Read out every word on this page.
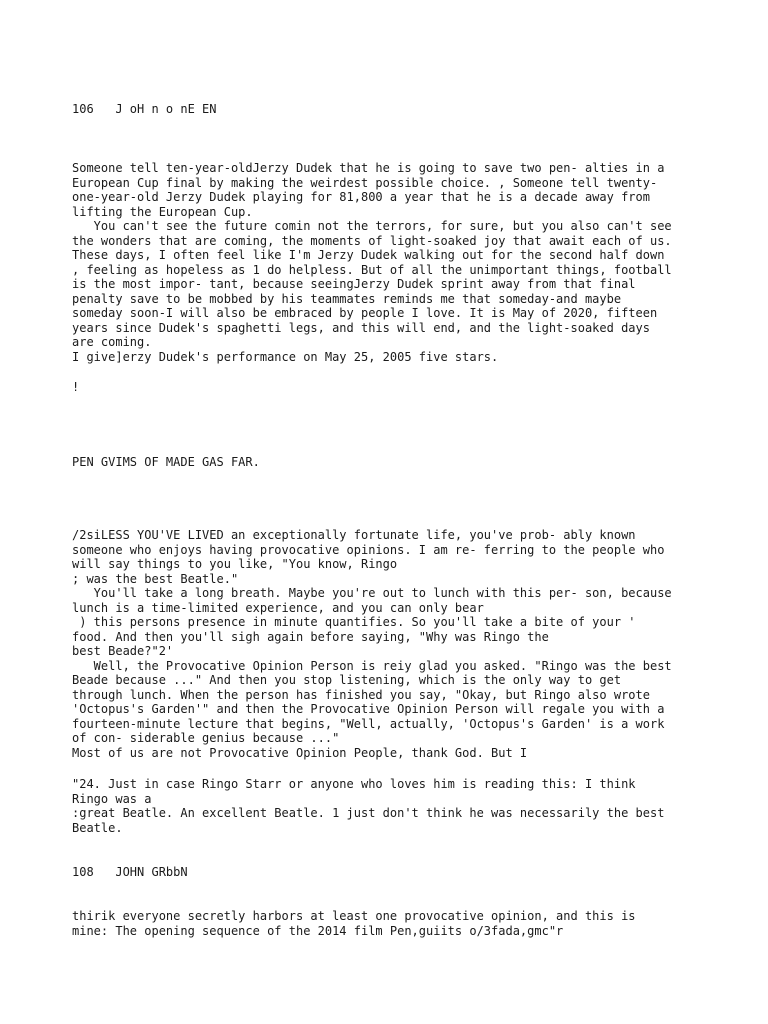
106   J oH n o nE EN
Someone tell ten-year-oldJerzy Dudek that he is going to save two pen- alties in a
European Cup final by making the weirdest possible choice. , Someone tell twenty-
one-year-old Jerzy Dudek playing for 81,800 a year that he is a decade away from
lifting the European Cup.
You can't see the future comin not the terrors, for sure, but you also can't see
the wonders that are coming, the moments of light-soaked joy that await each of us.
These days, I often feel like I'm Jerzy Dudek walking out for the second half down
, feeling as hopeless as 1 do helpless. But of all the unimportant things, football
is the most impor- tant, because seeingJerzy Dudek sprint away from that final
penalty save to be mobbed by his teammates reminds me that someday-and maybe
someday soon-I will also be embraced by people I love. It is May of 2020, fifteen
years since Dudek's spaghetti legs, and this will end, and the light-soaked days
are coming.
I give]erzy Dudek's performance on May 25, 2005 five stars.
!
PEN GVIMS OF MADE GAS FAR.
/2siLESS YOU'VE LIVED an exceptionally fortunate life, you've prob- ably known
someone who enjoys having provocative opinions. I am re- ferring to the people who
will say things to you like, "You know, Ringo
; was the best Beatle."
You'll take a long breath. Maybe you're out to lunch with this per- son, because
lunch is a time-limited experience, and you can only bear
) this persons presence in minute quantifies. So you'll take a bite of your '
food. And then you'll sigh again before saying, "Why was Ringo the
best Beade?"2'
Well, the Provocative Opinion Person is reiy glad you asked. "Ringo was the best
Beade because ..." And then you stop listening, which is the only way to get
through lunch. When the person has finished you say, "Okay, but Ringo also wrote
'Octopus's Garden'" and then the Provocative Opinion Person will regale you with a
fourteen-minute lecture that begins, "Well, actually, 'Octopus's Garden' is a work
of con- siderable genius because ..."
Most of us are not Provocative Opinion People, thank God. But I
"24. Just in case Ringo Starr or anyone who loves him is reading this: I think
Ringo was a
:great Beatle. An excellent Beatle. 1 just don't think he was necessarily the best
Beatle.
108   JOHN GRbbN
thirik everyone secretly harbors at least one provocative opinion, and this is
mine: The opening sequence of the 2014 film Pen,guiits o/3fada,gmc"r
